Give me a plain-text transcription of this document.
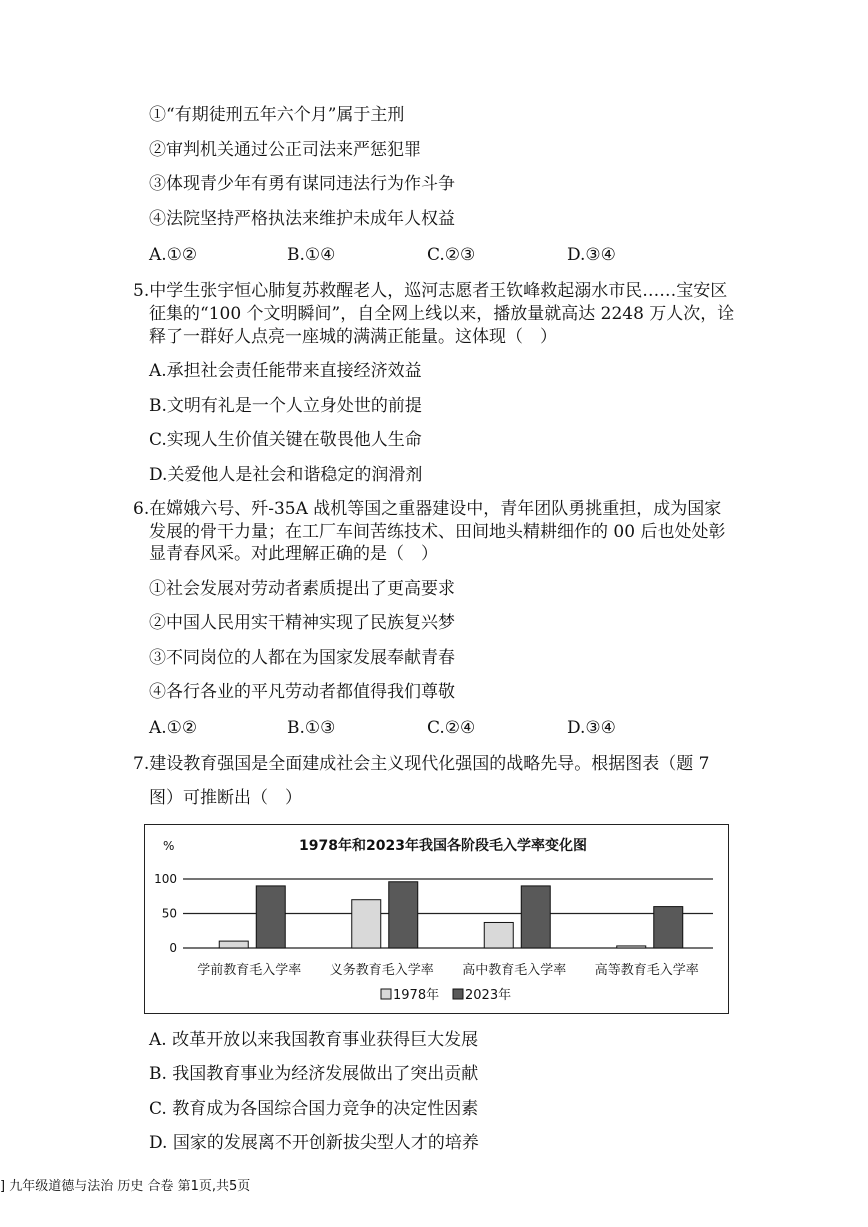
①“有期徒刑五年六个月”属于主刑
②审判机关通过公正司法来严惩犯罪
③体现青少年有勇有谋同违法行为作斗争
④法院坚持严格执法来维护未成年人权益
A.①②	B.①④	C.②③	D.③④
5.中学生张宇恒心肺复苏救醒老人，巡河志愿者王钦峰救起溺水市民……宝安区
征集的“100 个文明瞬间”，自全网上线以来，播放量就高达 2248 万人次，诠
释了一群好人点亮一座城的满满正能量。这体现（　）
A.承担社会责任能带来直接经济效益
B.文明有礼是一个人立身处世的前提
C.实现人生价值关键在敬畏他人生命
D.关爱他人是社会和谐稳定的润滑剂
6.在嫦娥六号、歼-35A 战机等国之重器建设中，青年团队勇挑重担，成为国家
发展的骨干力量；在工厂车间苦练技术、田间地头精耕细作的 00 后也处处彰
显青春风采。对此理解正确的是（　）
①社会发展对劳动者素质提出了更高要求
②中国人民用实干精神实现了民族复兴梦
③不同岗位的人都在为国家发展奉献青春
④各行各业的平凡劳动者都值得我们尊敬
A.①②	B.①③	C.②④	D.③④
7.建设教育强国是全面建成社会主义现代化强国的战略先导。根据图表（题 7
图）可推断出（　）
1978年和2023年我国各阶段毛入学率变化图
%
100
50
0
学前教育毛入学率 义务教育毛入学率 高中教育毛入学率 高等教育毛入学率
1978年 2023年
A. 改革开放以来我国教育事业获得巨大发展
B. 我国教育事业为经济发展做出了突出贡献
C. 教育成为各国综合国力竞争的决定性因素
D. 国家的发展离不开创新拔尖型人才的培养
] 九年级道德与法治 历史 合卷 第1页,共5页
